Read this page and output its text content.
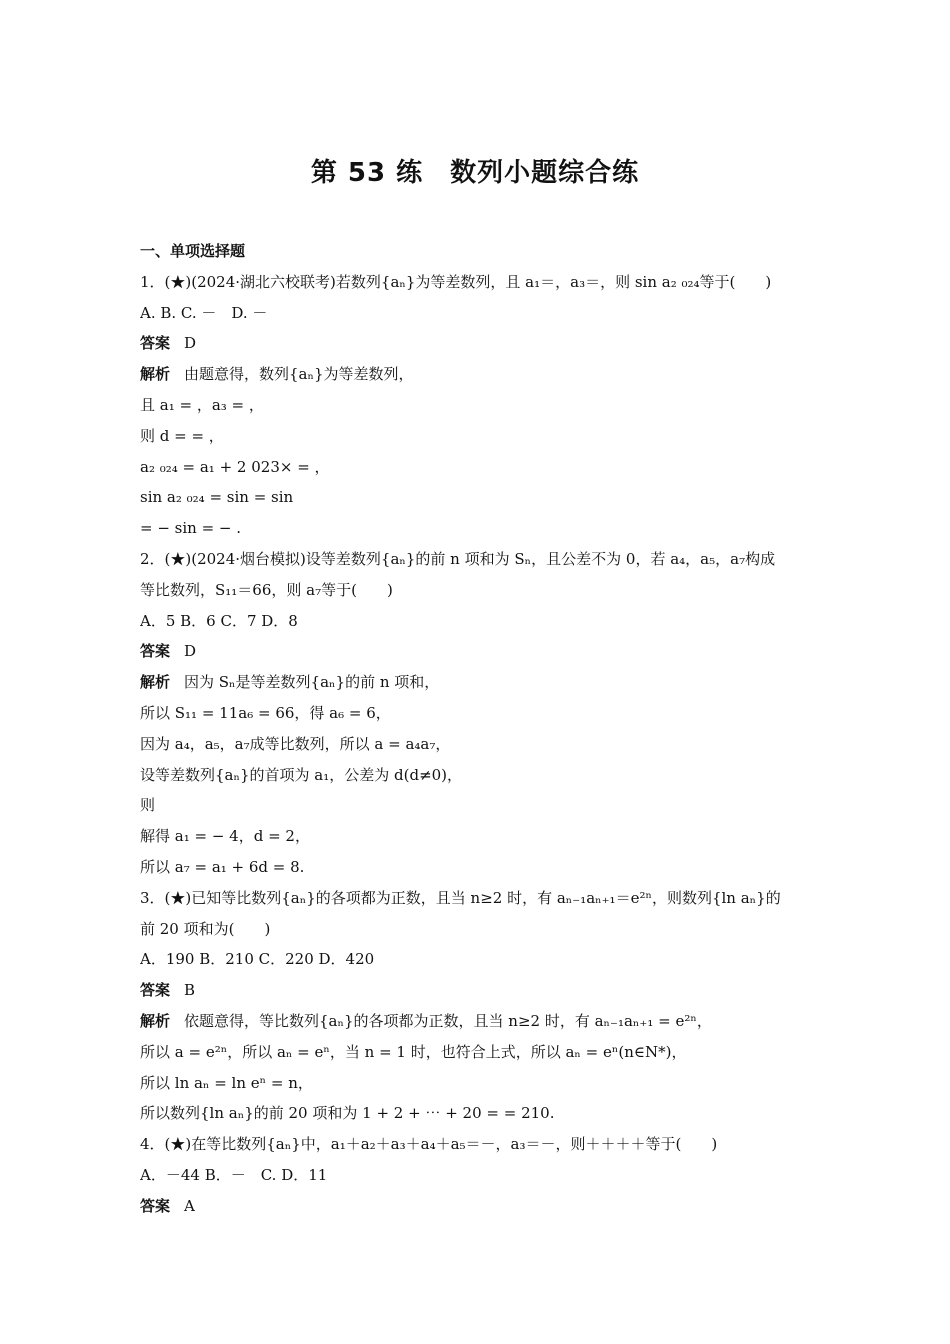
第 53 练　数列小题综合练
一、单项选择题
1．(★)(2024·湖北六校联考)若数列{aₙ}为等差数列，且 a₁＝，a₃＝，则 sin a₂ ₀₂₄等于(　　)
A. B. C. －　D. －
答案 D
解析 由题意得，数列{aₙ}为等差数列，
且 a₁ = ，a₃ = ，
则 d = = ，
a₂ ₀₂₄ = a₁ + 2 023× = ，
sin a₂ ₀₂₄ = sin = sin
= − sin = − .
2．(★)(2024·烟台模拟)设等差数列{aₙ}的前 n 项和为 Sₙ，且公差不为 0，若 a₄，a₅，a₇构成
等比数列，S₁₁＝66，则 a₇等于(　　)
A．5 B．6 C．7 D．8
答案 D
解析 因为 Sₙ是等差数列{aₙ}的前 n 项和，
所以 S₁₁ = 11a₆ = 66，得 a₆ = 6，
因为 a₄，a₅，a₇成等比数列，所以 a = a₄a₇，
设等差数列{aₙ}的首项为 a₁，公差为 d(d≠0)，
则
解得 a₁ = − 4，d = 2，
所以 a₇ = a₁ + 6d = 8.
3．(★)已知等比数列{aₙ}的各项都为正数，且当 n≥2 时，有 aₙ₋₁aₙ₊₁＝e²ⁿ，则数列{ln aₙ}的
前 20 项和为(　　)
A．190 B．210 C．220 D．420
答案 B
解析 依题意得，等比数列{aₙ}的各项都为正数，且当 n≥2 时，有 aₙ₋₁aₙ₊₁ = e²ⁿ，
所以 a = e²ⁿ，所以 aₙ = eⁿ，当 n = 1 时，也符合上式，所以 aₙ = eⁿ(n∈N*)，
所以 ln aₙ = ln eⁿ = n，
所以数列{ln aₙ}的前 20 项和为 1 + 2 + ⋯ + 20 = = 210.
4．(★)在等比数列{aₙ}中，a₁＋a₂＋a₃＋a₄＋a₅＝－，a₃＝－，则＋＋＋＋等于(　　)
A．－44 B．－　C. D．11
答案 A
